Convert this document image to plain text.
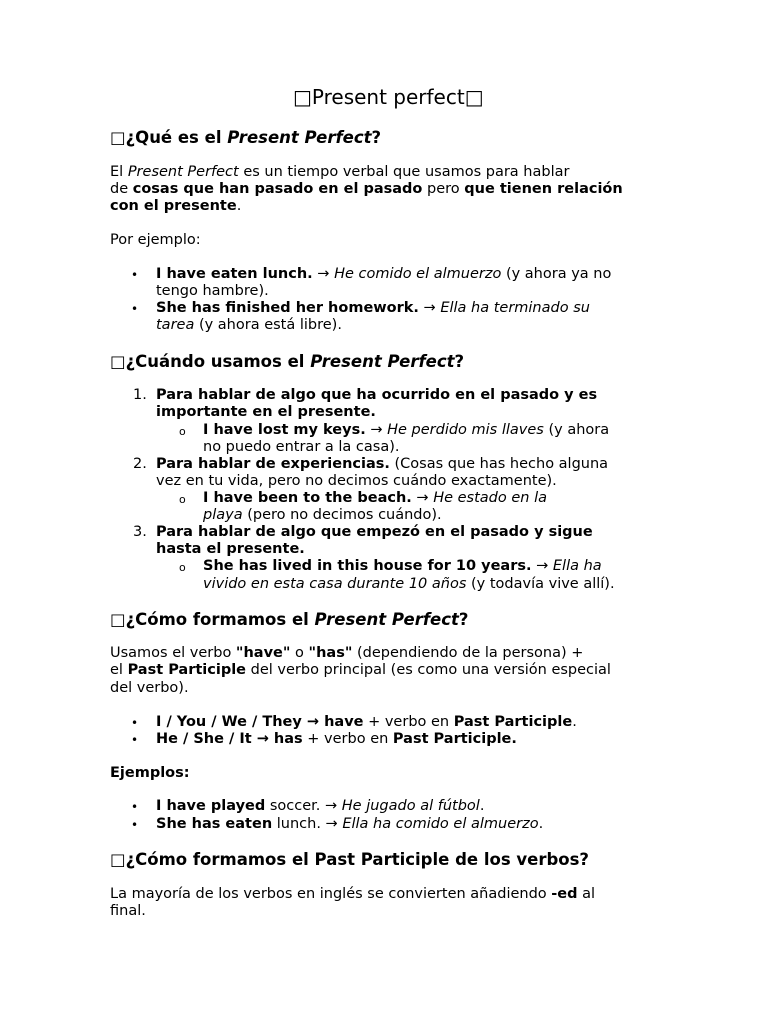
□Present perfect□
□¿Qué es el Present Perfect?
El Present Perfect es un tiempo verbal que usamos para hablar
de cosas que han pasado en el pasado pero que tienen relación
con el presente.
Por ejemplo:
• I have eaten lunch. → He comido el almuerzo (y ahora ya no
tengo hambre).
• She has finished her homework. → Ella ha terminado su
tarea (y ahora está libre).
□¿Cuándo usamos el Present Perfect?
1. Para hablar de algo que ha ocurrido en el pasado y es
importante en el presente.
o I have lost my keys. → He perdido mis llaves (y ahora
no puedo entrar a la casa).
2. Para hablar de experiencias. (Cosas que has hecho alguna
vez en tu vida, pero no decimos cuándo exactamente).
o I have been to the beach. → He estado en la
playa (pero no decimos cuándo).
3. Para hablar de algo que empezó en el pasado y sigue
hasta el presente.
o She has lived in this house for 10 years. → Ella ha
vivido en esta casa durante 10 años (y todavía vive allí).
□¿Cómo formamos el Present Perfect?
Usamos el verbo "have" o "has" (dependiendo de la persona) +
el Past Participle del verbo principal (es como una versión especial
del verbo).
• I / You / We / They → have + verbo en Past Participle.
• He / She / It → has + verbo en Past Participle.
Ejemplos:
• I have played soccer. → He jugado al fútbol.
• She has eaten lunch. → Ella ha comido el almuerzo.
□¿Cómo formamos el Past Participle de los verbos?
La mayoría de los verbos en inglés se convierten añadiendo -ed al
final.
